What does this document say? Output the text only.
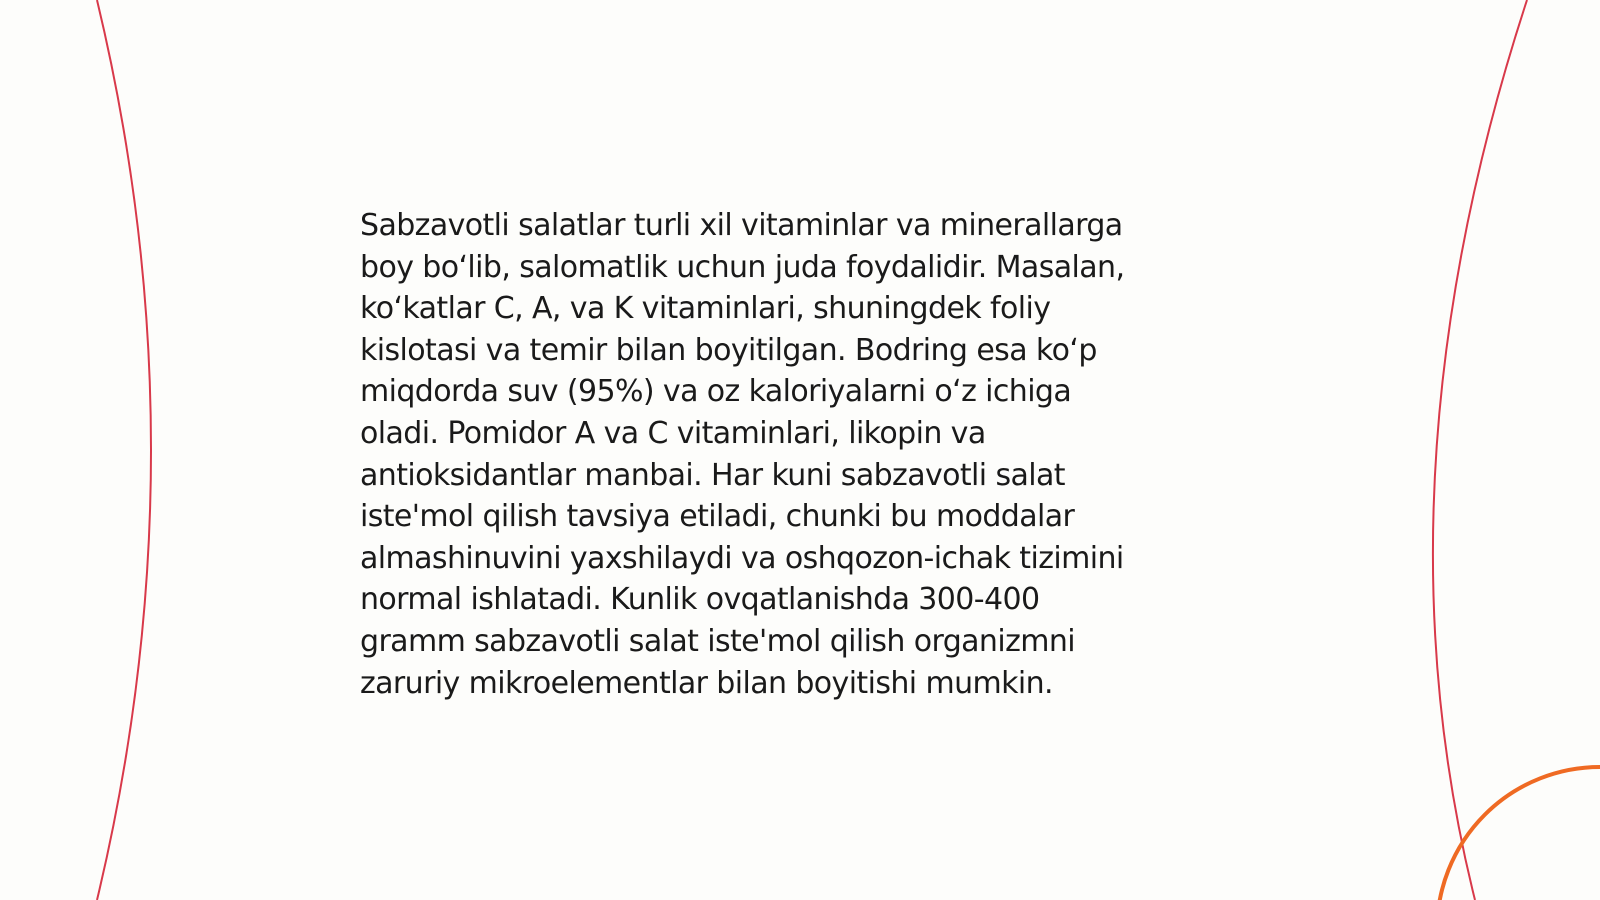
Sabzavotli salatlar turli xil vitaminlar va minerallarga
boy bo‘lib, salomatlik uchun juda foydalidir. Masalan,
ko‘katlar C, A, va K vitaminlari, shuningdek foliy
kislotasi va temir bilan boyitilgan. Bodring esa ko‘p
miqdorda suv (95%) va oz kaloriyalarni o‘z ichiga
oladi. Pomidor A va C vitaminlari, likopin va
antioksidantlar manbai. Har kuni sabzavotli salat
iste'mol qilish tavsiya etiladi, chunki bu moddalar
almashinuvini yaxshilaydi va oshqozon-ichak tizimini
normal ishlatadi. Kunlik ovqatlanishda 300-400
gramm sabzavotli salat iste'mol qilish organizmni
zaruriy mikroelementlar bilan boyitishi mumkin.
